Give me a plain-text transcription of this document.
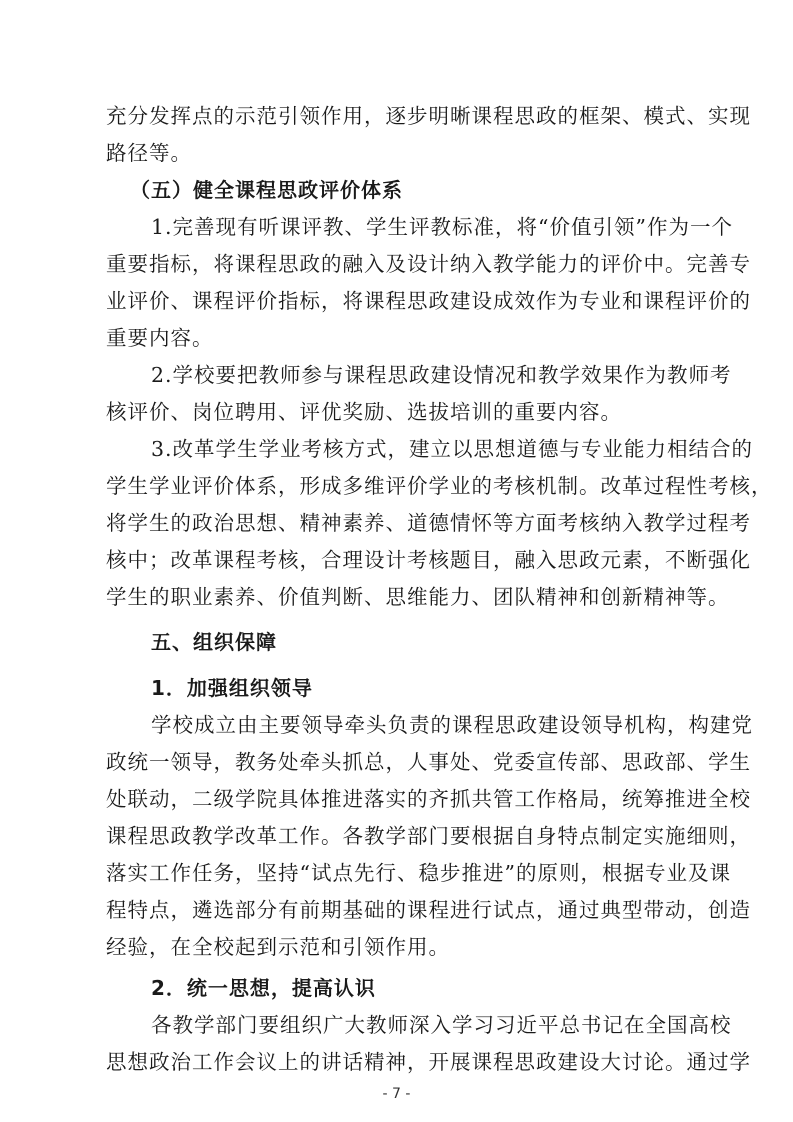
充分发挥点的示范引领作用，逐步明晰课程思政的框架、模式、实现

路径等。

（五）健全课程思政评价体系

1.完善现有听课评教、学生评教标准，将“价值引领”作为一个

重要指标，将课程思政的融入及设计纳入教学能力的评价中。完善专

业评价、课程评价指标，将课程思政建设成效作为专业和课程评价的

重要内容。

2.学校要把教师参与课程思政建设情况和教学效果作为教师考

核评价、岗位聘用、评优奖励、选拔培训的重要内容。

3.改革学生学业考核方式，建立以思想道德与专业能力相结合的

学生学业评价体系，形成多维评价学业的考核机制。改革过程性考核，

将学生的政治思想、精神素养、道德情怀等方面考核纳入教学过程考

核中；改革课程考核，合理设计考核题目，融入思政元素，不断强化

学生的职业素养、价值判断、思维能力、团队精神和创新精神等。

五、组织保障

1．加强组织领导

学校成立由主要领导牵头负责的课程思政建设领导机构，构建党

政统一领导，教务处牵头抓总，人事处、党委宣传部、思政部、学生

处联动，二级学院具体推进落实的齐抓共管工作格局，统筹推进全校

课程思政教学改革工作。各教学部门要根据自身特点制定实施细则，

落实工作任务，坚持“试点先行、稳步推进”的原则，根据专业及课

程特点，遴选部分有前期基础的课程进行试点，通过典型带动，创造

经验，在全校起到示范和引领作用。

2．统一思想，提高认识

各教学部门要组织广大教师深入学习习近平总书记在全国高校

思想政治工作会议上的讲话精神，开展课程思政建设大讨论。通过学

- 7 -
